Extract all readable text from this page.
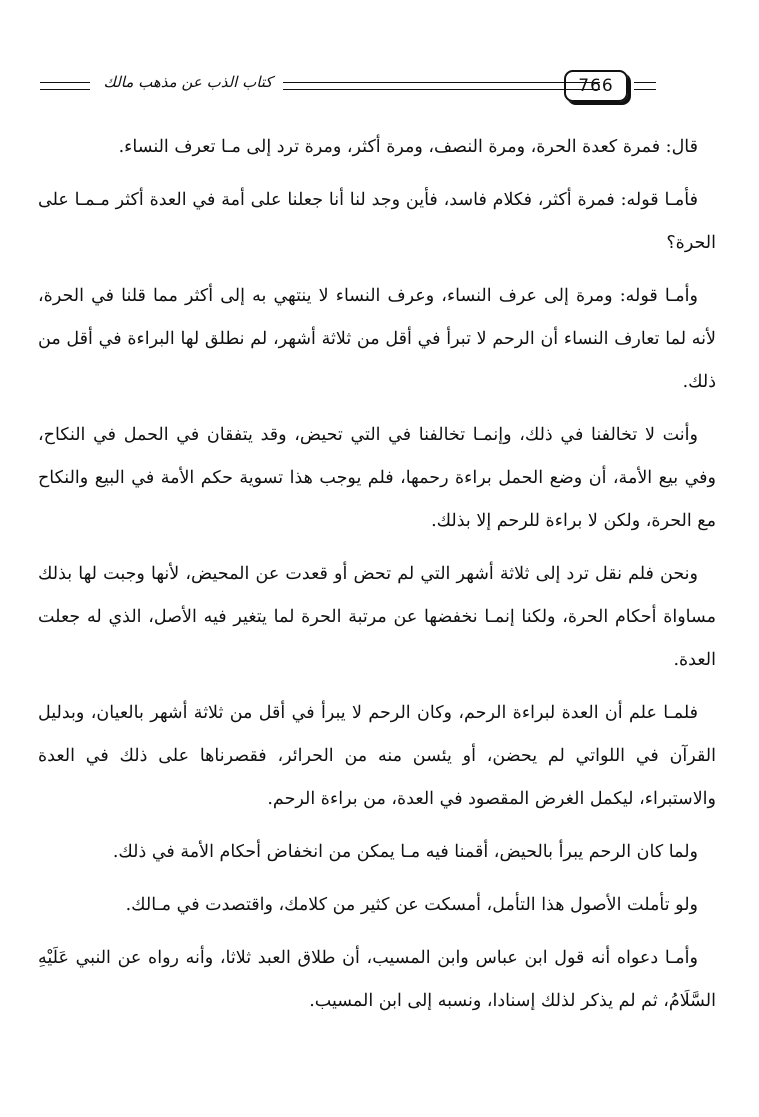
كتاب الذب عن مذهب مالك	766

قال: فمرة كعدة الحرة، ومرة النصف، ومرة أكثر، ومرة ترد إلى مـا تعرف النساء.

فأمـا قوله: فمرة أكثر، فكلام فاسد، فأين وجد لنا أنا جعلنا على أمة في العدة أكثر مـمـا على الحرة؟

وأمـا قوله: ومرة إلى عرف النساء، وعرف النساء لا ينتهي به إلى أكثر مما قلنا في الحرة، لأنه لما تعارف النساء أن الرحم لا تبرأ في أقل من ثلاثة أشهر، لم نطلق لها البراءة في أقل من ذلك.

وأنت لا تخالفنا في ذلك، وإنمـا تخالفنا في التي تحيض، وقد يتفقان في الحمل في النكاح، وفي بيع الأمة، أن وضع الحمل براءة رحمها، فلم يوجب هذا تسوية حكم الأمة في البيع والنكاح مع الحرة، ولكن لا براءة للرحم إلا بذلك.

ونحن فلم نقل ترد إلى ثلاثة أشهر التي لم تحض أو قعدت عن المحيض، لأنها وجبت لها بذلك مساواة أحكام الحرة، ولكنا إنمـا نخفضها عن مرتبة الحرة لما يتغير فيه الأصل، الذي له جعلت العدة.

فلمـا علم أن العدة لبراءة الرحم، وكان الرحم لا يبرأ في أقل من ثلاثة أشهر بالعيان، وبدليل القرآن في اللواتي لم يحضن، أو يئسن منه من الحرائر، فقصرناها على ذلك في العدة والاستبراء، ليكمل الغرض المقصود في العدة، من براءة الرحم.

ولما كان الرحم يبرأ بالحيض، أقمنا فيه مـا يمكن من انخفاض أحكام الأمة في ذلك.

ولو تأملت الأصول هذا التأمل، أمسكت عن كثير من كلامك، واقتصدت في مـالك.

وأمـا دعواه أنه قول ابن عباس وابن المسيب، أن طلاق العبد ثلاثا، وأنه رواه عن النبي عَلَيْهِ السَّلَامُ، ثم لم يذكر لذلك إسنادا، ونسبه إلى ابن المسيب.
